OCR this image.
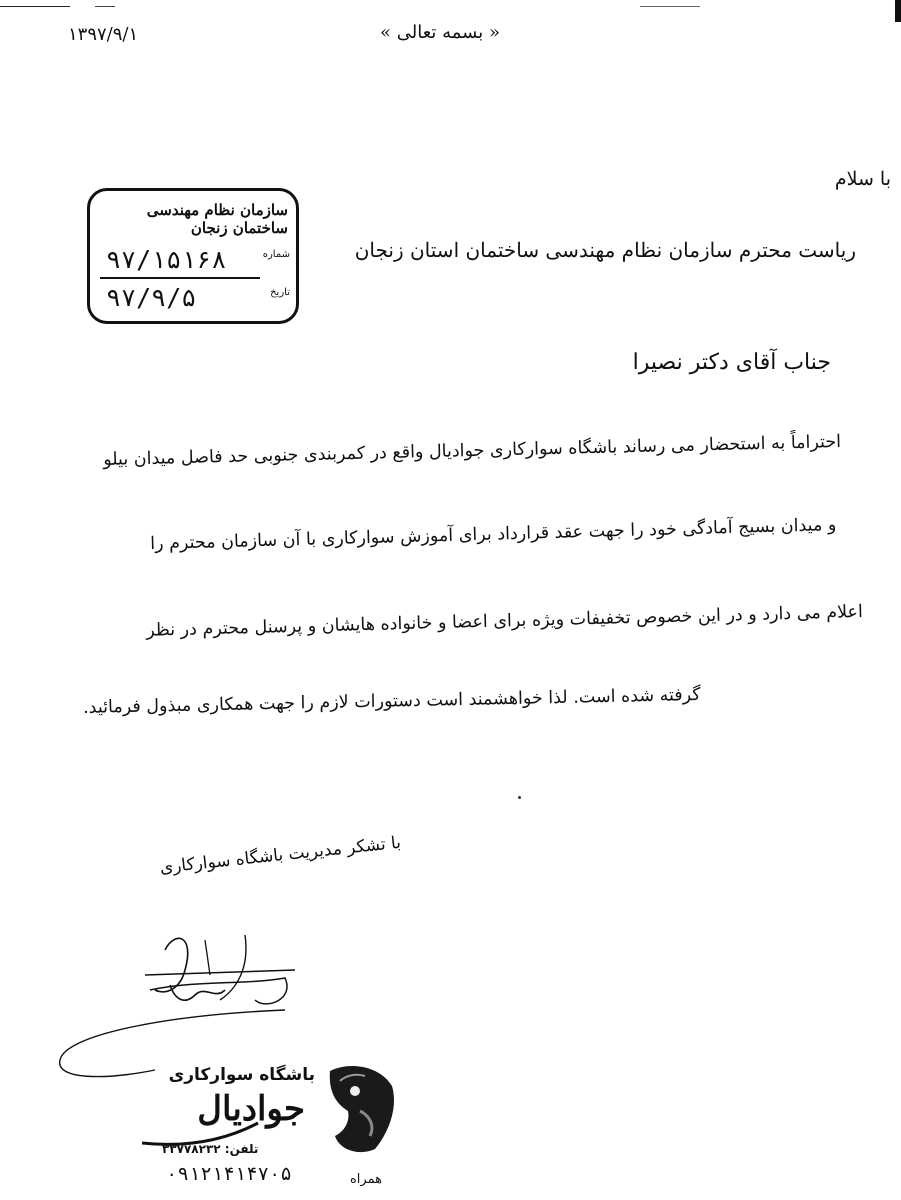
۱۳۹۷/۹/۱	« بسمه تعالی »
سازمان نظام مهندسی ساختمان زنجان
شماره
۹۷/۱۵۱۶۸
تاریخ
۹۷/۹/۵
با سلام
ریاست محترم سازمان نظام مهندسی ساختمان استان زنجان
جناب آقای دکتر نصیرا
احتراماً به استحضار می رساند باشگاه سوارکاری جوادیال واقع در کمربندی جنوبی حد فاصل میدان بیلو
و میدان بسیج آمادگی خود را جهت عقد قرارداد برای آموزش سوارکاری با آن سازمان محترم را
اعلام می دارد و در این خصوص تخفیفات ویژه برای اعضا و خانواده هایشان و پرسنل محترم در نظر
گرفته شده است. لذا خواهشمند است دستورات لازم را جهت همکاری مبذول فرمائید.
با تشکر مدیریت باشگاه سوارکاری
باشگاه سوارکاری
جوادیال
تلفن: ۳۳۷۷۸۲۳۲
۰۹۱۲۱۴۱۴۷۰۵	همراه
